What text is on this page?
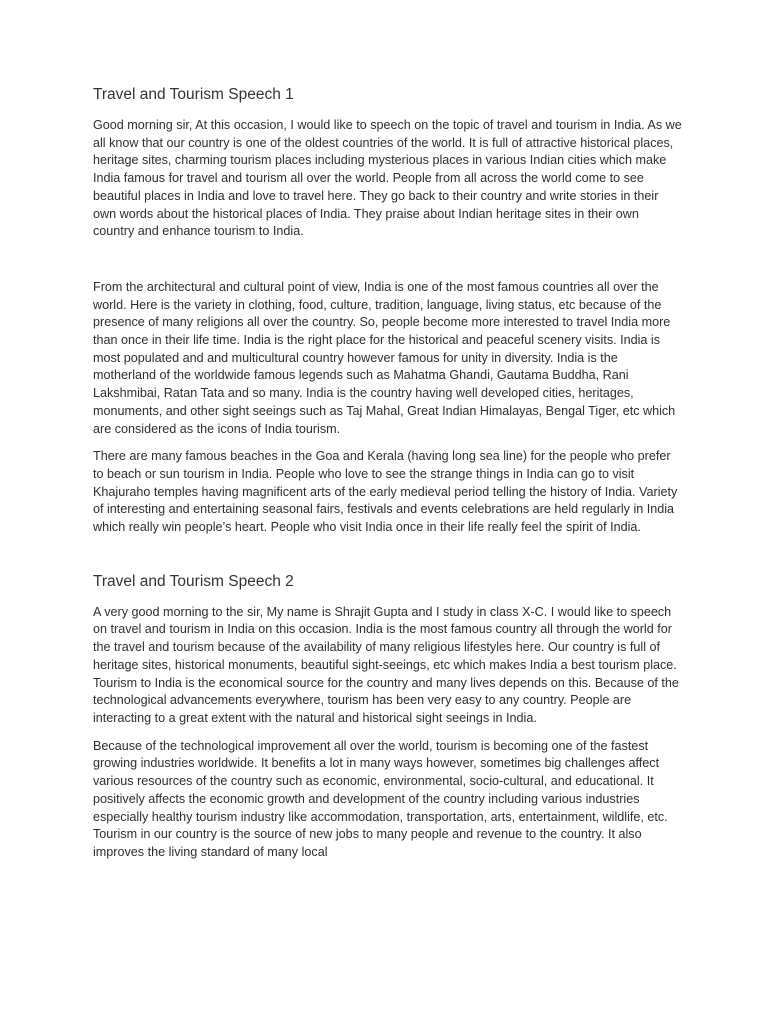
Travel and Tourism Speech 1

Good morning sir, At this occasion, I would like to speech on the topic of travel and tourism in India. As we all know that our country is one of the oldest countries of the world. It is full of attractive historical places, heritage sites, charming tourism places including mysterious places in various Indian cities which make India famous for travel and tourism all over the world. People from all across the world come to see beautiful places in India and love to travel here. They go back to their country and write stories in their own words about the historical places of India. They praise about Indian heritage sites in their own country and enhance tourism to India.

From the architectural and cultural point of view, India is one of the most famous countries all over the world. Here is the variety in clothing, food, culture, tradition, language, living status, etc because of the presence of many religions all over the country. So, people become more interested to travel India more than once in their life time. India is the right place for the historical and peaceful scenery visits. India is most populated and and multicultural country however famous for unity in diversity. India is the motherland of the worldwide famous legends such as Mahatma Ghandi, Gautama Buddha, Rani Lakshmibai, Ratan Tata and so many. India is the country having well developed cities, heritages, monuments, and other sight seeings such as Taj Mahal, Great Indian Himalayas, Bengal Tiger, etc which are considered as the icons of India tourism.

There are many famous beaches in the Goa and Kerala (having long sea line) for the people who prefer to beach or sun tourism in India. People who love to see the strange things in India can go to visit Khajuraho temples having magnificent arts of the early medieval period telling the history of India. Variety of interesting and entertaining seasonal fairs, festivals and events celebrations are held regularly in India which really win people’s heart. People who visit India once in their life really feel the spirit of India.

Travel and Tourism Speech 2

A very good morning to the sir, My name is Shrajit Gupta and I study in class X-C. I would like to speech on travel and tourism in India on this occasion. India is the most famous country all through the world for the travel and tourism because of the availability of many religious lifestyles here. Our country is full of heritage sites, historical monuments, beautiful sight-seeings, etc which makes India a best tourism place. Tourism to India is the economical source for the country and many lives depends on this. Because of the technological advancements everywhere, tourism has been very easy to any country. People are interacting to a great extent with the natural and historical sight seeings in India.

Because of the technological improvement all over the world, tourism is becoming one of the fastest growing industries worldwide. It benefits a lot in many ways however, sometimes big challenges affect various resources of the country such as economic, environmental, socio-cultural, and educational. It positively affects the economic growth and development of the country including various industries especially healthy tourism industry like accommodation, transportation, arts, entertainment, wildlife, etc. Tourism in our country is the source of new jobs to many people and revenue to the country. It also improves the living standard of many local
